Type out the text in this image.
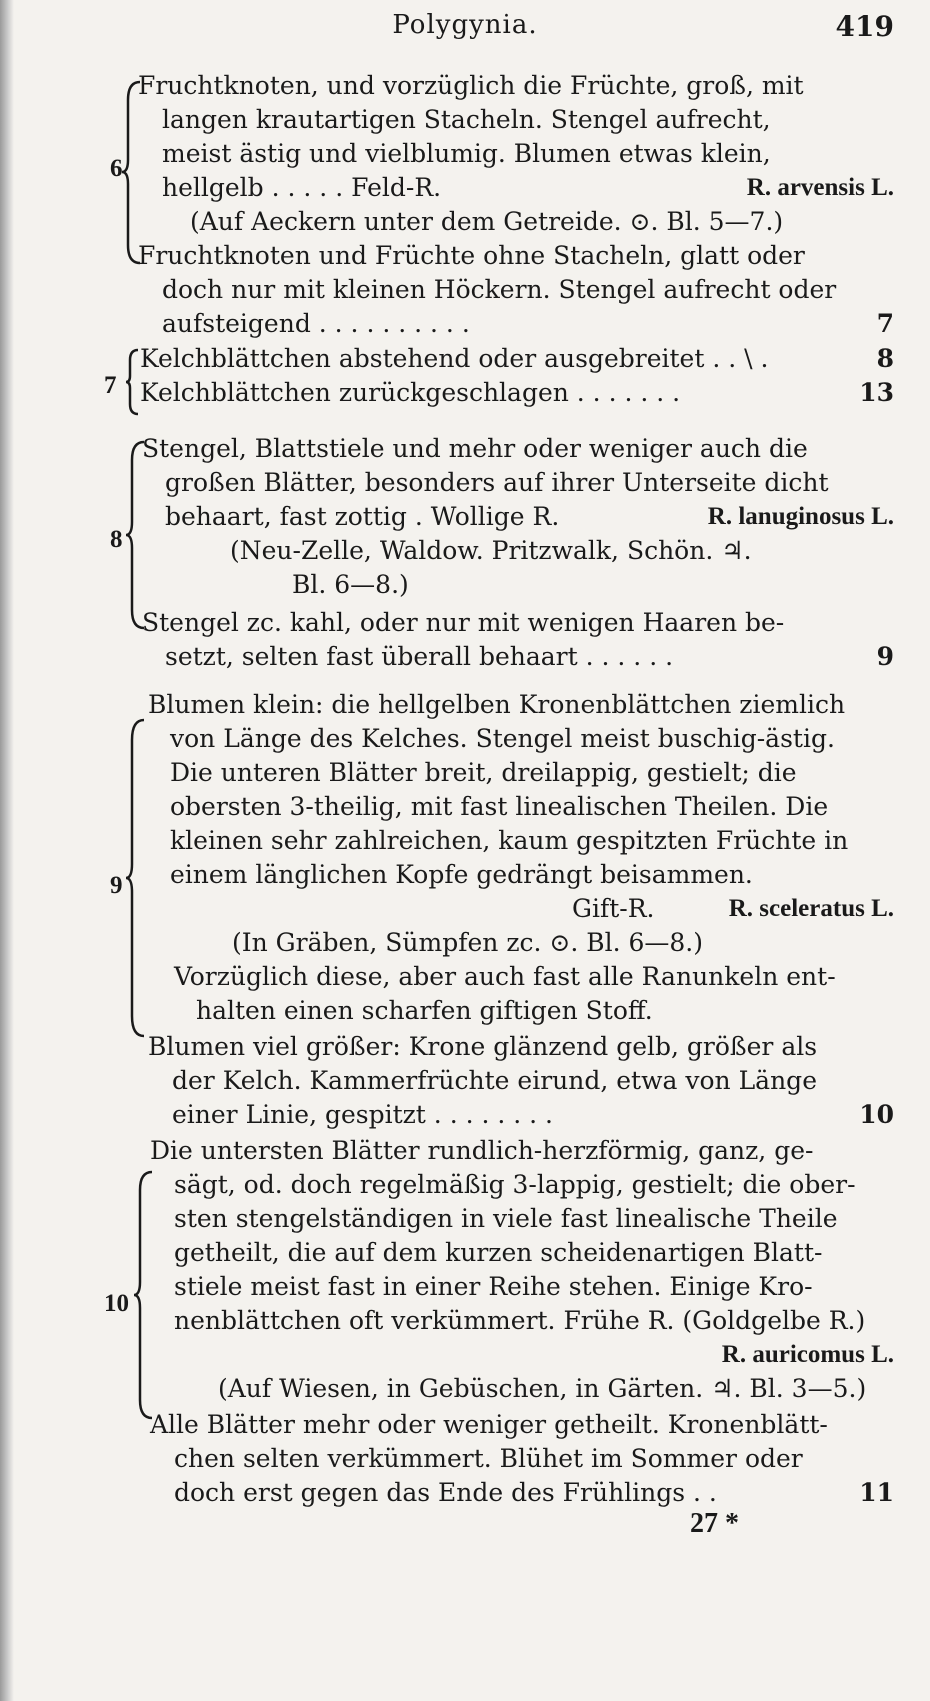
Polygynia.	419
6
Fruchtknoten, und vorzüglich die Früchte, groß, mit
langen krautartigen Stacheln. Stengel aufrecht,
meist ästig und vielblumig. Blumen etwas klein,
hellgelb . . . . . Feld-R.	R. arvensis L.
(Auf Aeckern unter dem Getreide. ⊙. Bl. 5—7.)
Fruchtknoten und Früchte ohne Stacheln, glatt oder
doch nur mit kleinen Höckern. Stengel aufrecht oder
aufsteigend . . . . . . . . . .	7
7
Kelchblättchen abstehend oder ausgebreitet . . \ .	8
Kelchblättchen zurückgeschlagen . . . . . . .	13
8
Stengel, Blattstiele und mehr oder weniger auch die
großen Blätter, besonders auf ihrer Unterseite dicht
behaart, fast zottig . Wollige R.	R. lanuginosus L.
(Neu-Zelle, Waldow. Pritzwalk, Schön. ♃.
Bl. 6—8.)
Stengel zc. kahl, oder nur mit wenigen Haaren be-
setzt, selten fast überall behaart . . . . . .	9
9
Blumen klein: die hellgelben Kronenblättchen ziemlich
von Länge des Kelches. Stengel meist buschig-ästig.
Die unteren Blätter breit, dreilappig, gestielt; die
obersten 3-theilig, mit fast linealischen Theilen. Die
kleinen sehr zahlreichen, kaum gespitzten Früchte in
einem länglichen Kopfe gedrängt beisammen.
Gift-R.	R. sceleratus L.
(In Gräben, Sümpfen zc. ⊙. Bl. 6—8.)
Vorzüglich diese, aber auch fast alle Ranunkeln ent-
halten einen scharfen giftigen Stoff.
Blumen viel größer: Krone glänzend gelb, größer als
der Kelch. Kammerfrüchte eirund, etwa von Länge
einer Linie, gespitzt . . . . . . . .	10
10
Die untersten Blätter rundlich-herzförmig, ganz, ge-
sägt, od. doch regelmäßig 3-lappig, gestielt; die ober-
sten stengelständigen in viele fast linealische Theile
getheilt, die auf dem kurzen scheidenartigen Blatt-
stiele meist fast in einer Reihe stehen. Einige Kro-
nenblättchen oft verkümmert. Frühe R. (Goldgelbe R.)
R. auricomus L.
(Auf Wiesen, in Gebüschen, in Gärten. ♃. Bl. 3—5.)
Alle Blätter mehr oder weniger getheilt. Kronenblätt-
chen selten verkümmert. Blühet im Sommer oder
doch erst gegen das Ende des Frühlings . .	11
27 *
